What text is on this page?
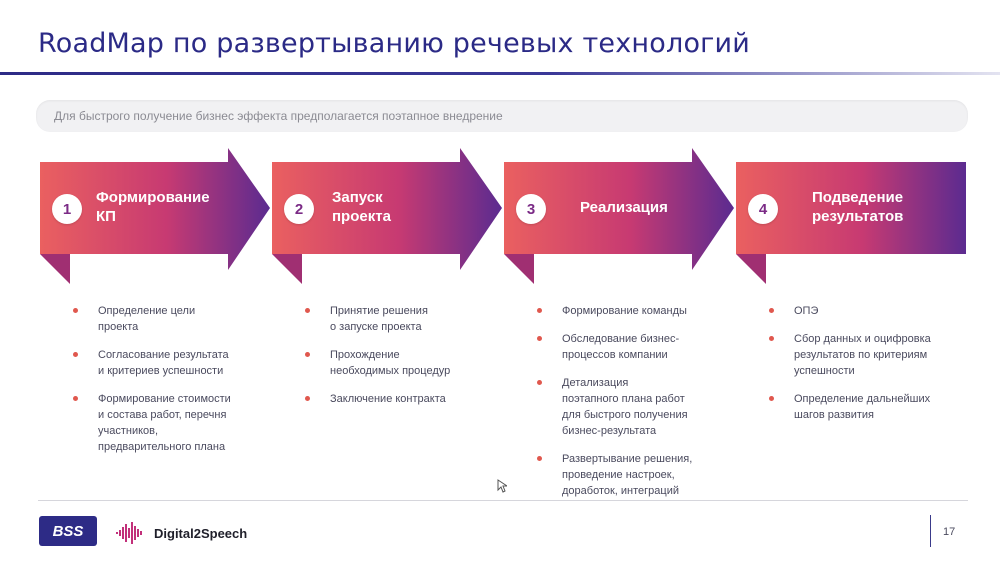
RoadMap по развертыванию речевых технологий
Для быстрого получение бизнес эффекта предполагается поэтапное внедрение
1
Формирование
КП	2
Запуск
проекта	3	Реализация	4
Подведение
результатов
Определение цели
проекта
Согласование результата
и критериев успешности
Формирование стоимости
и состава работ, перечня
участников,
предварительного плана
Принятие решения
о запуске проекта
Прохождение
необходимых процедур
Заключение контракта
Формирование команды
Обследование бизнес-
процессов компании
Детализация
поэтапного плана работ
для быстрого получения
бизнес-результата
Развертывание решения,
проведение настроек,
доработок, интеграций
ОПЭ
Сбор данных и оцифровка
результатов по критериям
успешности
Определение дальнейших
шагов развития
BSS	Digital2Speech	17
